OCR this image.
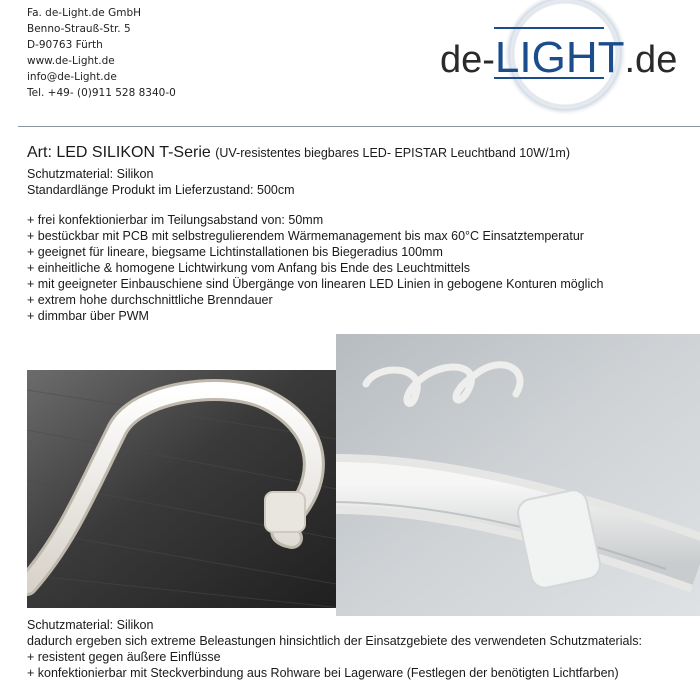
Fa. de-Light.de GmbH
Benno-Strauß-Str. 5
D-90763 Fürth
www.de-Light.de
info@de-Light.de
Tel. +49- (0)911 528 8340-0
de-LIGHT.de
Art: LED SILIKON T-Serie (UV-resistentes biegbares LED- EPISTAR Leuchtband 10W/1m)
Schutzmaterial: Silikon
Standardlänge Produkt im Lieferzustand: 500cm
+ frei konfektionierbar im Teilungsabstand von: 50mm
+ bestückbar mit PCB mit selbstregulierendem Wärmemanagement bis max 60°C Einsatztemperatur
+ geeignet für lineare, biegsame Lichtinstallationen bis Biegeradius 100mm
+ einheitliche & homogene Lichtwirkung vom Anfang bis Ende des Leuchtmittels
+ mit geeigneter Einbauschiene sind Übergänge von linearen LED Linien in gebogene Konturen möglich
+ extrem hohe durchschnittliche Brenndauer
+ dimmbar über PWM
Schutzmaterial: Silikon
dadurch ergeben sich extreme Beleastungen hinsichtlich der Einsatzgebiete des verwendeten Schutzmaterials:
+ resistent gegen äußere Einflüsse
+ konfektionierbar mit Steckverbindung aus Rohware bei Lagerware (Festlegen der benötigten Lichtfarben)
